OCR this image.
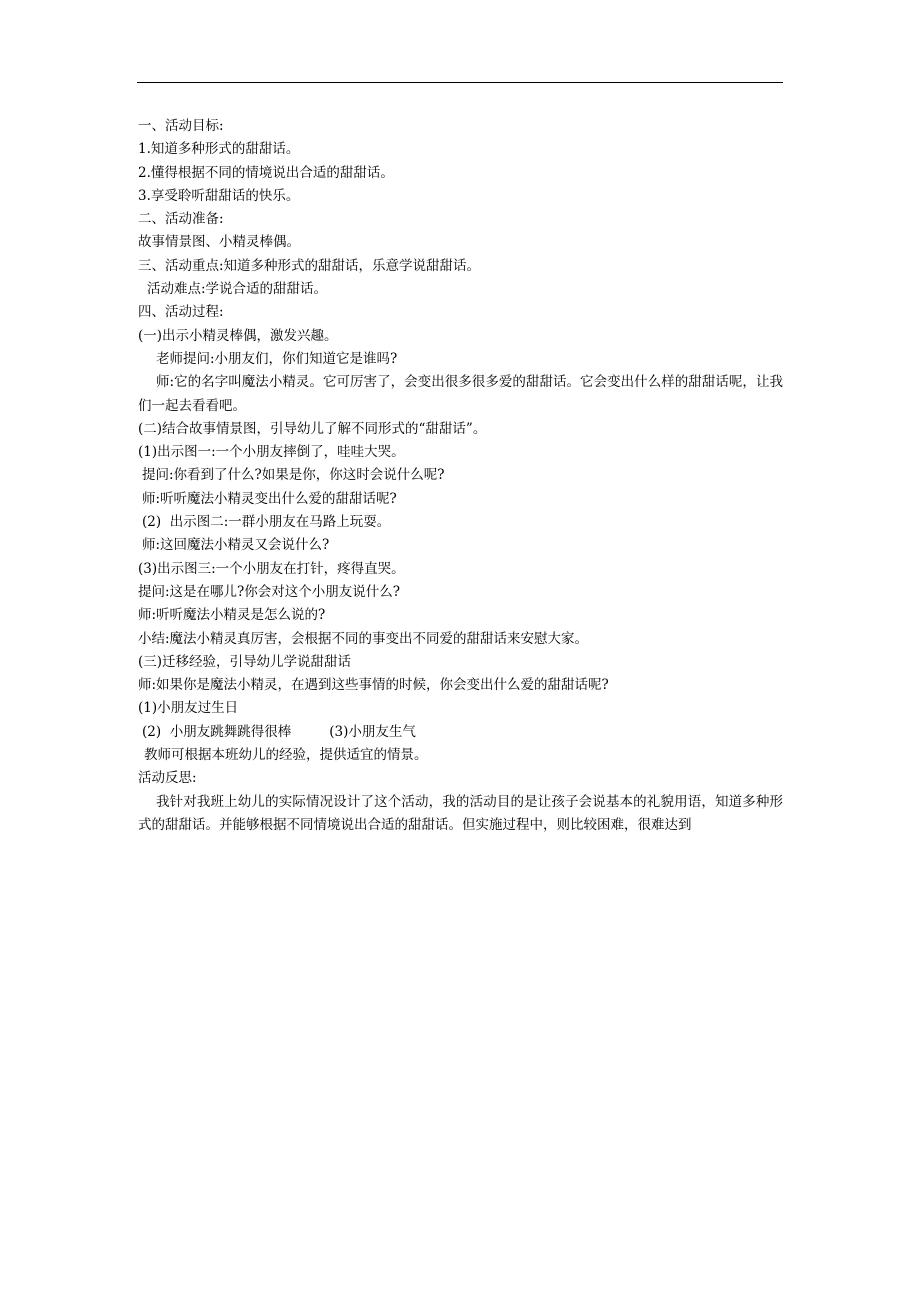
一、活动目标:
1.知道多种形式的甜甜话。
2.懂得根据不同的情境说出合适的甜甜话。
3.享受聆听甜甜话的快乐。
二、活动准备:
故事情景图、小精灵棒偶。
三、活动重点:知道多种形式的甜甜话，乐意学说甜甜话。
活动难点:学说合适的甜甜话。
四、活动过程:
(一)出示小精灵棒偶，激发兴趣。
老师提问:小朋友们，你们知道它是谁吗?
师:它的名字叫魔法小精灵。它可厉害了，会变出很多很多爱的甜甜话。它会变出什么样的甜甜话呢，让我们一起去看看吧。
(二)结合故事情景图，引导幼儿了解不同形式的“甜甜话”。
(1)出示图一:一个小朋友摔倒了，哇哇大哭。
提问:你看到了什么?如果是你，你这时会说什么呢?
师:听听魔法小精灵变出什么爱的甜甜话呢?
(2)  出示图二:一群小朋友在马路上玩耍。
师:这回魔法小精灵又会说什么?
(3)出示图三:一个小朋友在打针，疼得直哭。
提问:这是在哪儿?你会对这个小朋友说什么?
师:听听魔法小精灵是怎么说的?
小结:魔法小精灵真厉害，会根据不同的事变出不同爱的甜甜话来安慰大家。
(三)迁移经验，引导幼儿学说甜甜话
师:如果你是魔法小精灵，在遇到这些事情的时候，你会变出什么爱的甜甜话呢?
(1)小朋友过生日
(2)  小朋友跳舞跳得很棒	(3)小朋友生气
教师可根据本班幼儿的经验，提供适宜的情景。
活动反思:
我针对我班上幼儿的实际情况设计了这个活动，我的活动目的是让孩子会说基本的礼貌用语，知道多种形式的甜甜话。并能够根据不同情境说出合适的甜甜话。但实施过程中，则比较困难，很难达到
